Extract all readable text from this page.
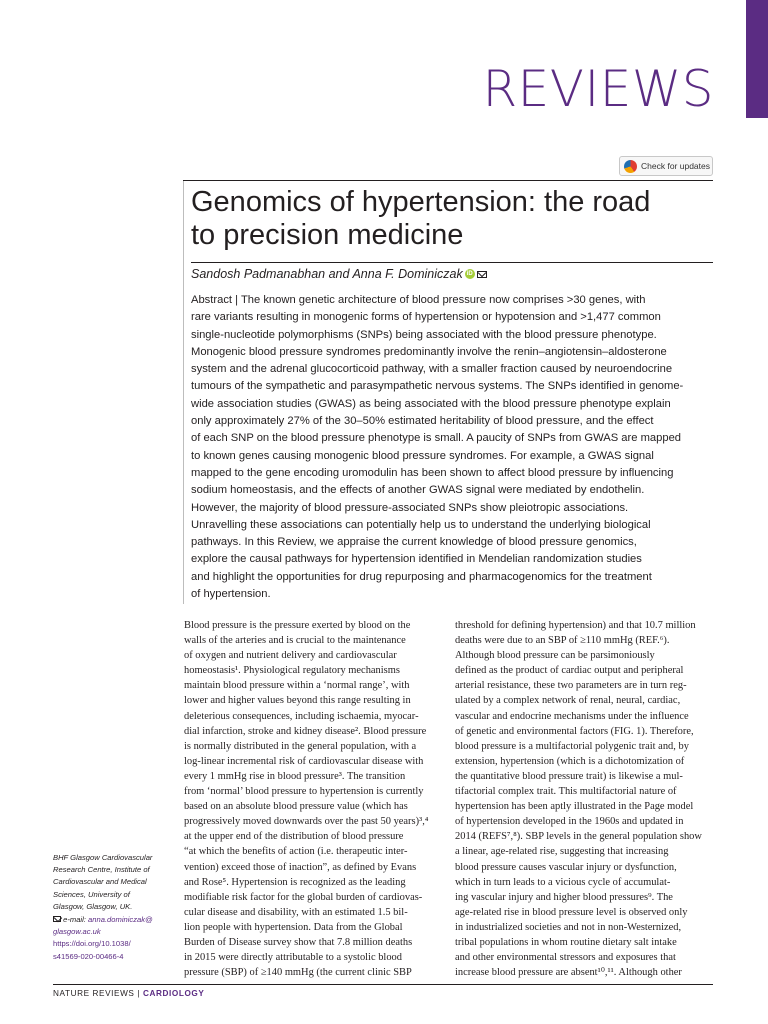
REVIEWS
Check for updates
Genomics of hypertension: the road
to precision medicine
Sandosh Padmanabhan and Anna F. Dominiczak iD

Abstract | The known genetic architecture of blood pressure now comprises >30 genes, with

rare variants resulting in monogenic forms of hypertension or hypotension and >1,477 common

single-nucleotide polymorphisms (SNPs) being associated with the blood pressure phenotype.

Monogenic blood pressure syndromes predominantly involve the renin–angiotensin–aldosterone

system and the adrenal glucocorticoid pathway, with a smaller fraction caused by neuroendocrine

tumours of the sympathetic and parasympathetic nervous systems. The SNPs identified in genome-

wide association studies (GWAS) as being associated with the blood pressure phenotype explain

only approximately 27% of the 30–50% estimated heritability of blood pressure, and the effect

of each SNP on the blood pressure phenotype is small. A paucity of SNPs from GWAS are mapped

to known genes causing monogenic blood pressure syndromes. For example, a GWAS signal

mapped to the gene encoding uromodulin has been shown to affect blood pressure by influencing

sodium homeostasis, and the effects of another GWAS signal were mediated by endothelin.

However, the majority of blood pressure-associated SNPs show pleiotropic associations.

Unravelling these associations can potentially help us to understand the underlying biological

pathways. In this Review, we appraise the current knowledge of blood pressure genomics,

explore the causal pathways for hypertension identified in Mendelian randomization studies

and highlight the opportunities for drug repurposing and pharmacogenomics for the treatment

of hypertension.

Blood pressure is the pressure exerted by blood on the

walls of the arteries and is crucial to the maintenance

of oxygen and nutrient delivery and cardiovascular

homeostasis¹. Physiological regulatory mechanisms

maintain blood pressure within a ‘normal range’, with

lower and higher values beyond this range resulting in

deleterious consequences, including ischaemia, myocar-

dial infarction, stroke and kidney disease². Blood pressure

is normally distributed in the general population, with a

log-linear incremental risk of cardiovascular disease with

every 1 mmHg rise in blood pressure³. The transition

from ‘normal’ blood pressure to hypertension is currently

based on an absolute blood pressure value (which has

progressively moved downwards over the past 50 years)³,⁴

at the upper end of the distribution of blood pressure

“at which the benefits of action (i.e. therapeutic inter-

vention) exceed those of inaction”, as defined by Evans

and Rose⁵. Hypertension is recognized as the leading

modifiable risk factor for the global burden of cardiovas-

cular disease and disability, with an estimated 1.5 bil-

lion people with hypertension. Data from the Global

Burden of Disease survey show that 7.8 million deaths

in 2015 were directly attributable to a systolic blood

pressure (SBP) of ≥140 mmHg (the current clinic SBP

threshold for defining hypertension) and that 10.7 million

deaths were due to an SBP of ≥110 mmHg (REF.⁶).

Although blood pressure can be parsimoniously

defined as the product of cardiac output and peripheral

arterial resistance, these two parameters are in turn reg-

ulated by a complex network of renal, neural, cardiac,

vascular and endocrine mechanisms under the influence

of genetic and environmental factors (FIG. 1). Therefore,

blood pressure is a multifactorial polygenic trait and, by

extension, hypertension (which is a dichotomization of

the quantitative blood pressure trait) is likewise a mul-

tifactorial complex trait. This multifactorial nature of

hypertension has been aptly illustrated in the Page model

of hypertension developed in the 1960s and updated in

2014 (REFS⁷,⁸). SBP levels in the general population show

a linear, age-related rise, suggesting that increasing

blood pressure causes vascular injury or dysfunction,

which in turn leads to a vicious cycle of accumulat-

ing vascular injury and higher blood pressures⁹. The

age-related rise in blood pressure level is observed only

in industrialized societies and not in non-Westernized,

tribal populations in whom routine dietary salt intake

and other environmental stressors and exposures that

increase blood pressure are absent¹⁰,¹¹. Although other

BHF Glasgow Cardiovascular

Research Centre, Institute of

Cardiovascular and Medical

Sciences, University of

Glasgow, Glasgow, UK.

e-mail: anna.dominiczak@
glasgow.ac.uk
https://doi.org/10.1038/
s41569-020-00466-4
NATURE REVIEWS | CARDIOLOGY
